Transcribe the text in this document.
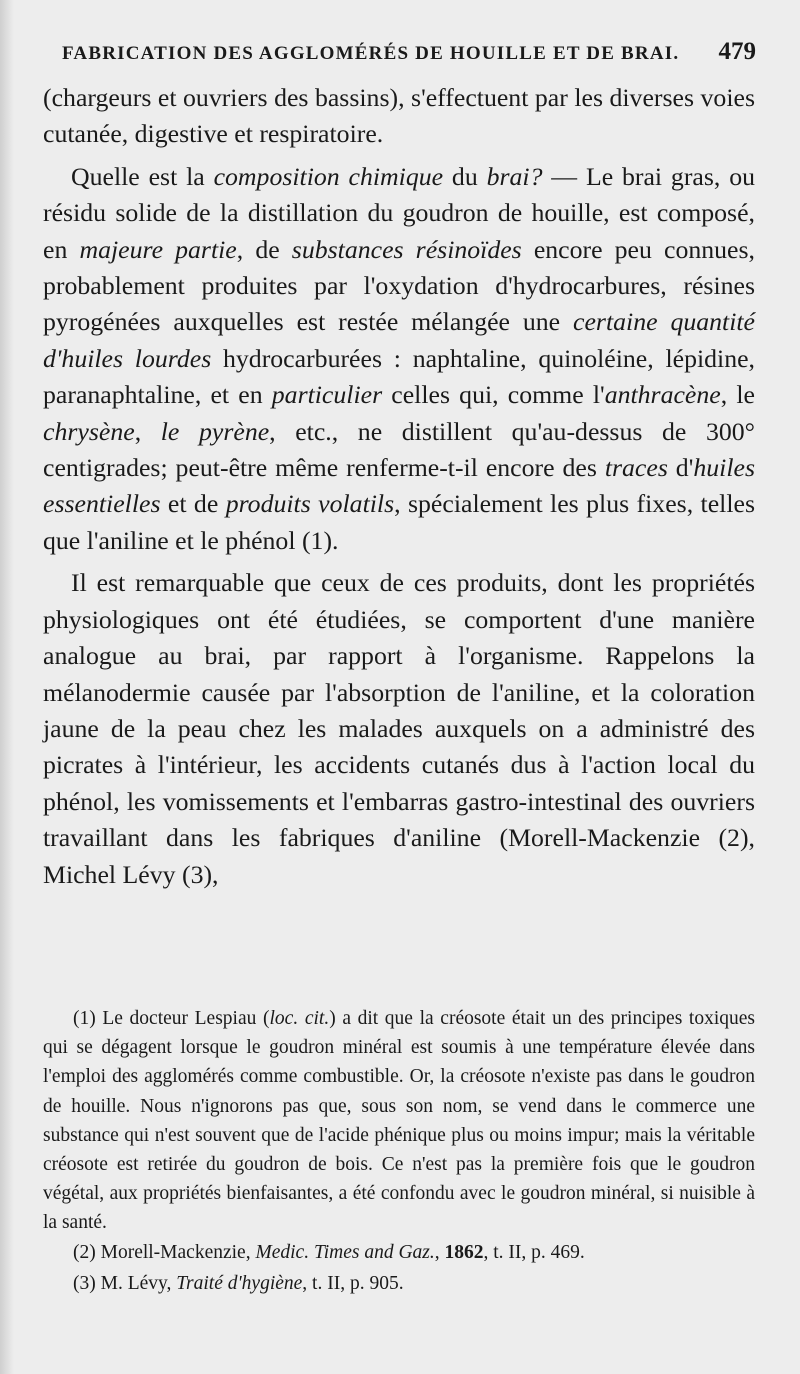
FABRICATION DES AGGLOMÉRÉS DE HOUILLE ET DE BRAI. 479

(chargeurs et ouvriers des bassins), s'effectuent par les diverses voies cutanée, digestive et respiratoire.

Quelle est la composition chimique du brai? — Le brai gras, ou résidu solide de la distillation du goudron de houille, est composé, en majeure partie, de substances résinoïdes encore peu connues, probablement produites par l'oxydation d'hydrocarbures, résines pyrogénées auxquelles est restée mélangée une certaine quantité d'huiles lourdes hydrocarburées : naphtaline, quinoléine, lépidine, paranaphtaline, et en particulier celles qui, comme l'anthracène, le chrysène, le pyrène, etc., ne distillent qu'au-dessus de 300° centigrades; peut-être même renferme-t-il encore des traces d'huiles essentielles et de produits volatils, spécialement les plus fixes, telles que l'aniline et le phénol (1).

Il est remarquable que ceux de ces produits, dont les propriétés physiologiques ont été étudiées, se comportent d'une manière analogue au brai, par rapport à l'organisme. Rappelons la mélanodermie causée par l'absorption de l'aniline, et la coloration jaune de la peau chez les malades auxquels on a administré des picrates à l'intérieur, les accidents cutanés dus à l'action local du phénol, les vomissements et l'embarras gastro-intestinal des ouvriers travaillant dans les fabriques d'aniline (Morell-Mackenzie (2), Michel Lévy (3),

(1) Le docteur Lespiau (loc. cit.) a dit que la créosote était un des principes toxiques qui se dégagent lorsque le goudron minéral est soumis à une température élevée dans l'emploi des agglomérés comme combustible. Or, la créosote n'existe pas dans le goudron de houille. Nous n'ignorons pas que, sous son nom, se vend dans le commerce une substance qui n'est souvent que de l'acide phénique plus ou moins impur; mais la véritable créosote est retirée du goudron de bois. Ce n'est pas la première fois que le goudron végétal, aux propriétés bienfaisantes, a été confondu avec le goudron minéral, si nuisible à la santé.

(2) Morell-Mackenzie, Medic. Times and Gaz., 1862, t. II, p. 469.

(3) M. Lévy, Traité d'hygiène, t. II, p. 905.
